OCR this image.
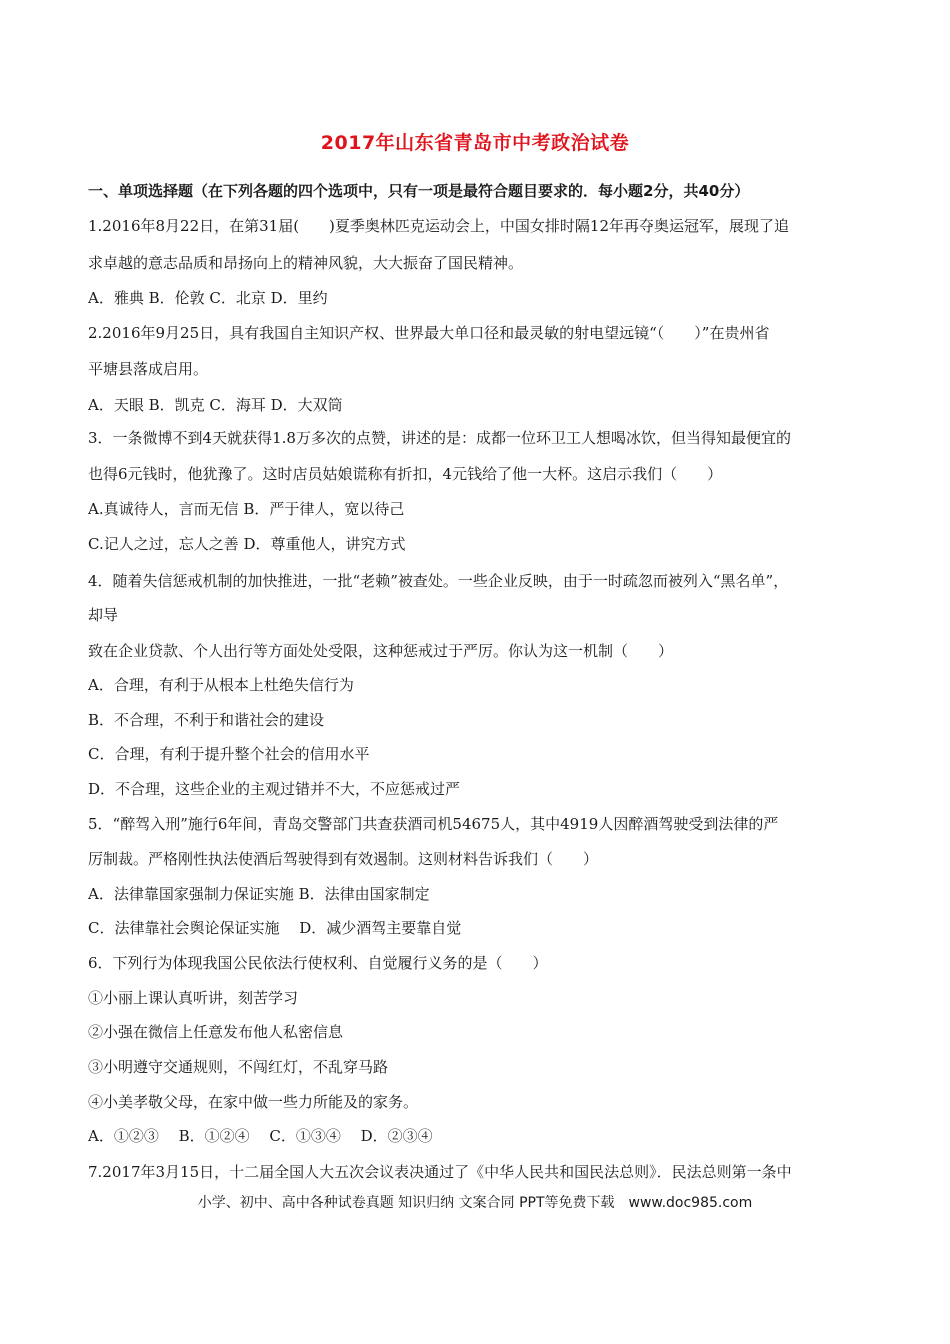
2017年山东省青岛市中考政治试卷
一、单项选择题（在下列各题的四个选项中，只有一项是最符合题目要求的．每小题2分，共40分）
1.2016年8月22日，在第31届(　　)夏季奥林匹克运动会上，中国女排时隔12年再夺奥运冠军，展现了追
求卓越的意志品质和昂扬向上的精神风貌，大大振奋了国民精神。
A．雅典 B．伦敦 C．北京 D．里约
2.2016年9月25日，具有我国自主知识产权、世界最大单口径和最灵敏的射电望远镜“（　　）”在贵州省
平塘县落成启用。
A．天眼 B．凯克 C．海耳 D．大双筒
3．一条微博不到4天就获得1.8万多次的点赞，讲述的是：成都一位环卫工人想喝冰饮，但当得知最便宜的
也得6元钱时，他犹豫了。这时店员姑娘谎称有折扣，4元钱给了他一大杯。这启示我们（　　）
A.真诚待人，言而无信 B．严于律人，宽以待己
C.记人之过，忘人之善 D．尊重他人，讲究方式
4．随着失信惩戒机制的加快推进，一批“老赖”被查处。一些企业反映，由于一时疏忽而被列入“黑名单”，
却导
致在企业贷款、个人出行等方面处处受限，这种惩戒过于严厉。你认为这一机制（　　）
A．合理，有利于从根本上杜绝失信行为
B．不合理，不利于和谐社会的建设
C．合理，有利于提升整个社会的信用水平
D．不合理，这些企业的主观过错并不大，不应惩戒过严
5．“醉驾入刑”施行6年间，青岛交警部门共查获酒司机54675人，其中4919人因醉酒驾驶受到法律的严
厉制裁。严格刚性执法使酒后驾驶得到有效遏制。这则材料告诉我们（　　）
A．法律靠国家强制力保证实施 B．法律由国家制定
C．法律靠社会舆论保证实施　 D．减少酒驾主要靠自觉
6．下列行为体现我国公民依法行使权利、自觉履行义务的是（　　）
①小丽上课认真听讲，刻苦学习
②小强在微信上任意发布他人私密信息
③小明遵守交通规则，不闯红灯，不乱穿马路
④小美孝敬父母，在家中做一些力所能及的家务。
A．①②③　 B．①②④　 C．①③④　 D．②③④
7.2017年3月15日，十二届全国人大五次会议表决通过了《中华人民共和国民法总则》．民法总则第一条中
小学、初中、高中各种试卷真题 知识归纳 文案合同 PPT等免费下载　www.doc985.com
